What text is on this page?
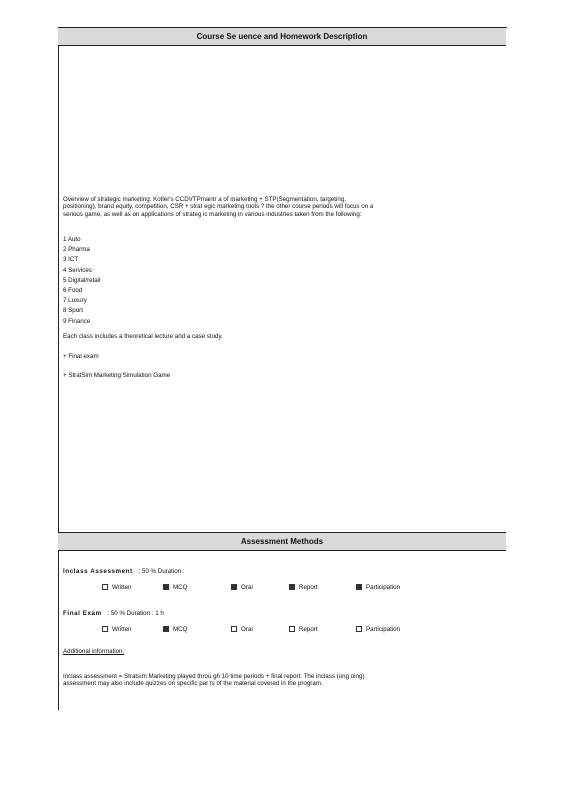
Course Se uence and Homework Description
Overview of strategic marketing: Kotler's CCDVTPmantr a of marketing + STP(Segmentation, targeting,
positioning), brand equity, competition, CSR + strat egic marketing tools ? the other course periods will focus on a
serious game, as well as on applications of strateg ic marketing in various industries taken from the following:
1 Auto
2 Pharma
3 ICT
4 Services
5 Digital/retail
6 Food
7 Luxury
8 Sport
9 Finance
Each class includes a theoretical lecture and a case study.
+ Final exam
+ StratSim Marketing Simulation Game
Assessment Methods
Inclass Assessment : 50 % Duration :
Written	MCQ	Oral	Report	Participation
Final Exam : 50 % Duration : 1 h
Written	MCQ	Oral	Report	Participation
Additional information:
Inclass assessment = Stratsim Marketing played throu gh 10 time periods + final report. The inclass (ong oing)
assessment may also include quizzes on specific par ts of the material covered in the program.
